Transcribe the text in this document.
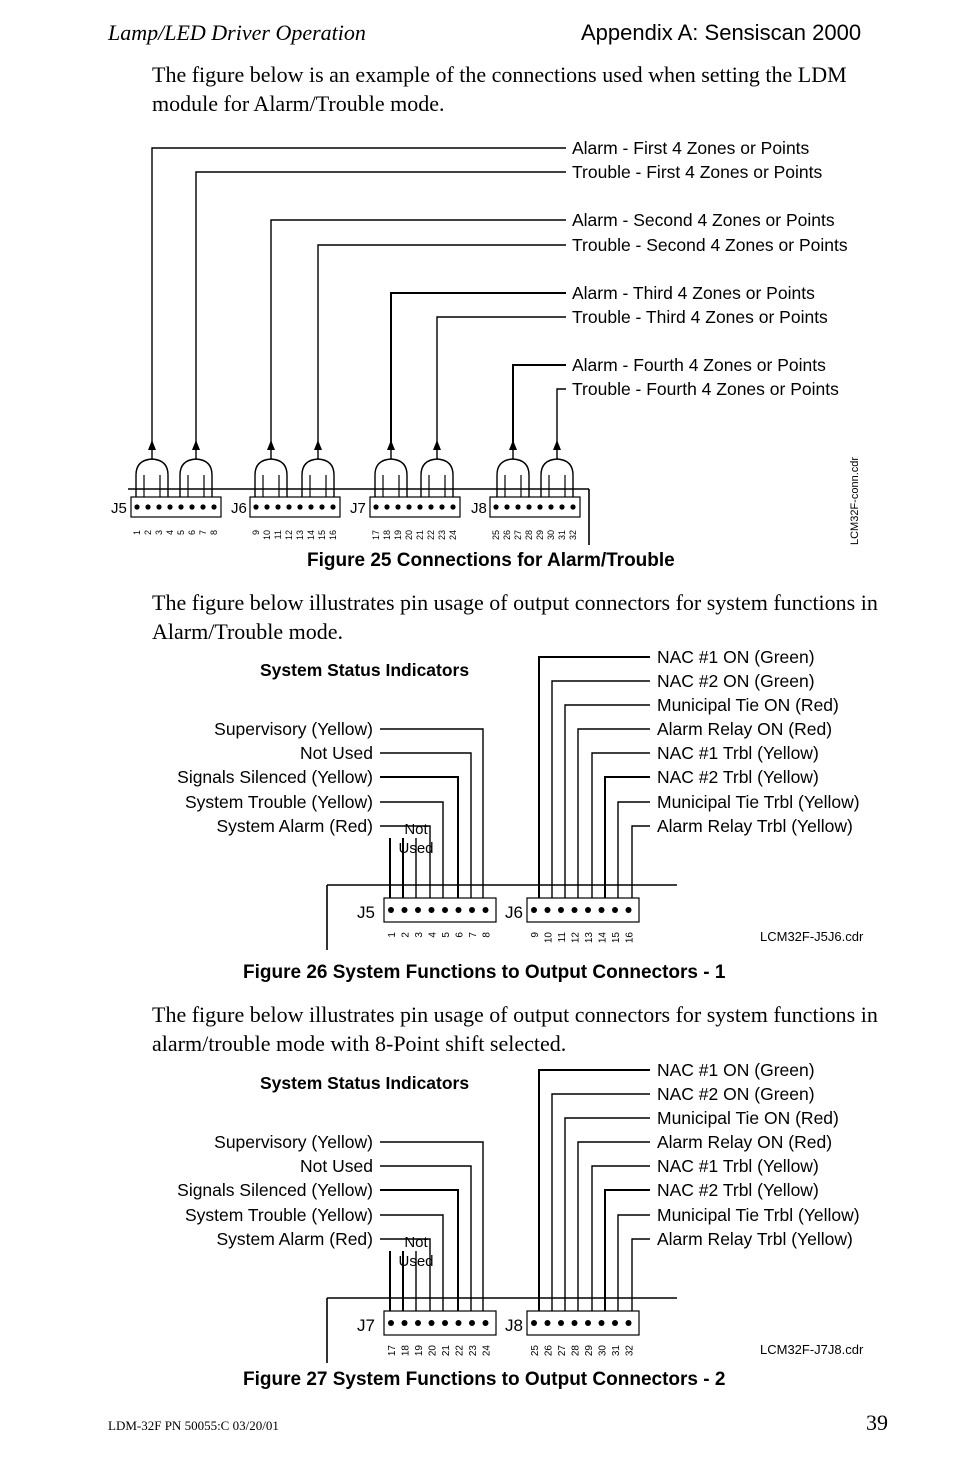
Lamp/LED Driver Operation	Appendix A: Sensiscan 2000
The figure below is an example of the connections used when setting the LDM module for Alarm/Trouble mode.
Alarm - First 4 Zones or Points
Trouble - First 4 Zones or Points
Alarm - Second 4 Zones or Points
Trouble - Second 4 Zones or Points
Alarm - Third 4 Zones or Points
Trouble - Third 4 Zones or Points
Alarm - Fourth 4 Zones or Points
Trouble - Fourth 4 Zones or Points
J5
1 2 3 4 5 6 7 8
J6
9 10 11 12 13 14 15 16
J7
17 18 19 20 21 22 23 24
J8
25 26 27 28 29 30 31 32	LCM32F-conn.cdr
Figure 25 Connections for Alarm/Trouble
The figure below illustrates pin usage of output connectors for system functions in Alarm/Trouble mode.
System Status Indicators
Supervisory (Yellow)
Not Used
Signals Silenced (Yellow)
System Trouble (Yellow)
System Alarm (Red) Not
Used
NAC #1 ON (Green)
NAC #2 ON (Green)
Municipal Tie ON (Red)
Alarm Relay ON (Red)
NAC #1 Trbl (Yellow)
NAC #2 Trbl (Yellow)
Municipal Tie Trbl (Yellow)
Alarm Relay Trbl (Yellow)
J5
1 2 3 4 5 6 7 8
J6
9 10 11 12 13 14 15 16	LCM32F-J5J6.cdr
Figure 26 System Functions to Output Connectors - 1
The figure below illustrates pin usage of output connectors for system functions in alarm/trouble mode with 8-Point shift selected.
System Status Indicators
Supervisory (Yellow)
Not Used
Signals Silenced (Yellow)
System Trouble (Yellow)
System Alarm (Red) Not
Used
NAC #1 ON (Green)
NAC #2 ON (Green)
Municipal Tie ON (Red)
Alarm Relay ON (Red)
NAC #1 Trbl (Yellow)
NAC #2 Trbl (Yellow)
Municipal Tie Trbl (Yellow)
Alarm Relay Trbl (Yellow)
J7
17 18 19 20 21 22 23 24
J8
25 26 27 28 29 30 31 32	LCM32F-J7J8.cdr
Figure 27 System Functions to Output Connectors - 2
LDM-32F PN 50055:C 03/20/01	39
